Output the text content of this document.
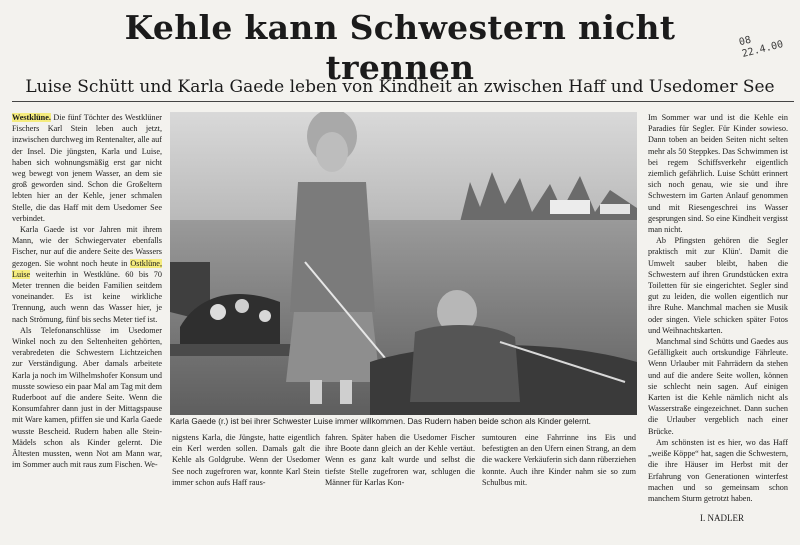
Kehle kann Schwestern nicht trennen
08 22.4.00
Luise Schütt und Karla Gaede leben von Kindheit an zwischen Haff und Usedomer See

Westklüne. Die fünf Töchter des Westklüner Fischers Karl Stein leben auch jetzt, inzwischen durchweg im Rentenalter, alle auf der Insel. Die jüngsten, Karla und Luise, haben sich wohnungsmäßig erst gar nicht weg bewegt von jenem Wasser, an dem sie groß geworden sind. Schon die Großeltern lebten hier an der Kehle, jener schmalen Stelle, die das Haff mit dem Usedomer See verbindet.

Karla Gaede ist vor Jahren mit ihrem Mann, wie der Schwiegervater ebenfalls Fischer, nur auf die andere Seite des Wassers gezogen. Sie wohnt noch heute in Ostklüne, Luise weiterhin in Westklüne. 60 bis 70 Meter trennen die beiden Familien seitdem voneinander. Es ist keine wirkliche Trennung, auch wenn das Wasser hier, je nach Strömung, fünf bis sechs Meter tief ist.

Als Telefonanschlüsse im Usedomer Winkel noch zu den Seltenheiten gehörten, verabredeten die Schwestern Lichtzeichen zur Verständigung. Aber damals arbeitete Karla ja noch im Wilhelmshofer Konsum und musste sowieso ein paar Mal am Tag mit dem Ruderboot auf die andere Seite. Wenn die Konsumfahrer dann just in der Mittagspause mit Ware kamen, pfiffen sie und Karla Gaede wusste Bescheid. Rudern haben alle Stein-Mädels schon als Kinder gelernt. Die Ältesten mussten, wenn Not am Mann war, im Sommer auch mit raus zum Fischen. We-

Karla Gaede (r.) ist bei ihrer Schwester Luise immer willkommen. Das Rudern haben beide schon als Kinder gelernt.

nigstens Karla, die Jüngste, hatte eigentlich ein Kerl werden sollen. Damals galt die Kehle als Goldgrube. Wenn der Usedomer See noch zugefroren war, konnte Karl Stein immer schon aufs Haff raus-

fahren. Später haben die Usedomer Fischer ihre Boote dann gleich an der Kehle vertäut. Wenn es ganz kalt wurde und selbst die tiefste Stelle zugefroren war, schlugen die Männer für Karlas Kon-

sumtouren eine Fahrrinne ins Eis und befestigten an den Ufern einen Strang, an dem die wackere Verkäuferin sich dann rüberziehen konnte. Auch ihre Kinder nahm sie so zum Schulbus mit.

Im Sommer war und ist die Kehle ein Paradies für Segler. Für Kinder sowieso. Dann toben an beiden Seiten nicht selten mehr als 50 Steppkes. Das Schwimmen ist bei regem Schiffsverkehr eigentlich ziemlich gefährlich. Luise Schütt erinnert sich noch genau, wie sie und ihre Schwestern im Garten Anlauf genommen und mit Riesengeschrei ins Wasser gesprungen sind. So eine Kindheit vergisst man nicht.

Ab Pfingsten gehören die Segler praktisch mit zur Klün'. Damit die Umwelt sauber bleibt, haben die Schwestern auf ihren Grundstücken extra Toiletten für sie eingerichtet. Segler sind gut zu leiden, die wollen eigentlich nur ihre Ruhe. Manchmal machen sie Musik oder singen. Viele schicken später Fotos und Weihnachtskarten.

Manchmal sind Schütts und Gaedes aus Gefälligkeit auch ortskundige Fährleute. Wenn Urlauber mit Fahrrädern da stehen und auf die andere Seite wollen, können sie schlecht nein sagen. Auf einigen Karten ist die Kehle nämlich nicht als Wasserstraße eingezeichnet. Dann suchen die Urlauber vergeblich nach einer Brücke.

Am schönsten ist es hier, wo das Haff „weiße Köppe“ hat, sagen die Schwestern, die ihre Häuser im Herbst mit der Erfahrung von Generationen winterfest machen und so gemeinsam schon manchem Sturm getrotzt haben.

I. NADLER
